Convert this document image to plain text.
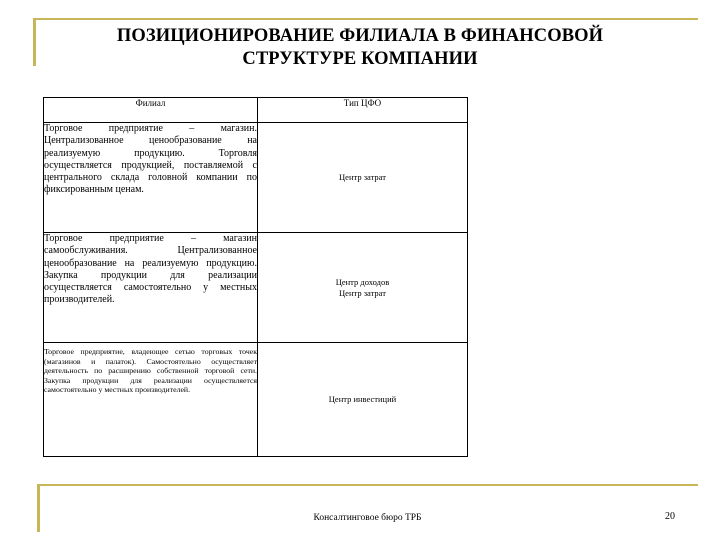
ПОЗИЦИОНИРОВАНИЕ ФИЛИАЛА В ФИНАНСОВОЙ
СТРУКТУРЕ КОМПАНИИ
Филиал	Тип ЦФО
Торговое предприятие – магазин. Централизованное ценообразование на реализуемую продукцию. Торговля осуществляется продукцией, поставляемой с центрального склада головной компании по фиксированным ценам.	Центр затрат

Торговое предприятие – магазин самообслуживания. Централизованное ценообразование на реализуемую продукцию. Закупка продукции для реализации осуществляется самостоятельно у местных производителей.	Центр доходов
Центр затрат

Торговое предприятие, владеющее сетью торговых точек (магазинов и палаток). Самостоятельно осуществляет деятельность по расширению собственной торговой сети. Закупка продукции для реализации осуществляется самостоятельно у местных производителей.	Центр инвестиций
Консалтинговое бюро ТРБ	20
